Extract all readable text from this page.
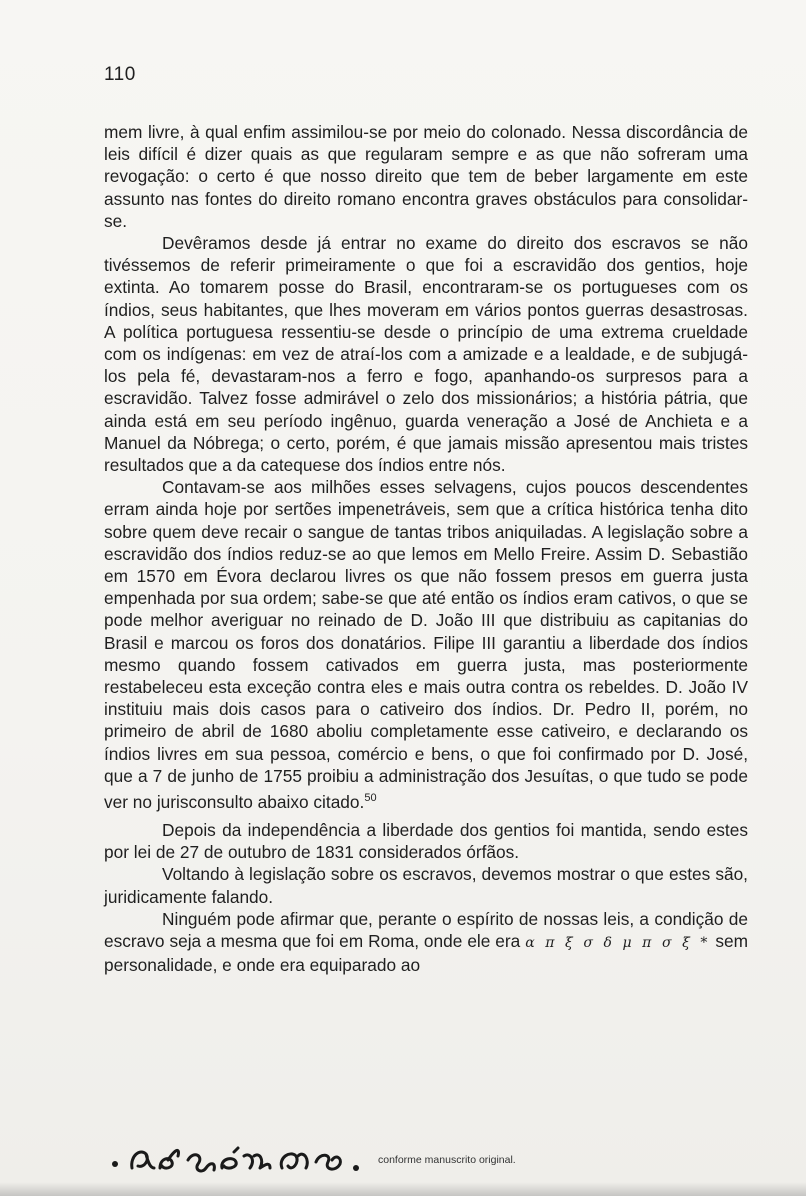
110

mem livre, à qual enfim assimilou-se por meio do colonado. Nessa discordância de leis difícil é dizer quais as que regularam sempre e as que não sofreram uma revogação: o certo é que nosso direito que tem de beber largamente em este assunto nas fontes do direito romano encontra graves obstáculos para consolidar-se.

Devêramos desde já entrar no exame do direito dos escravos se não tivéssemos de referir primeiramente o que foi a escravidão dos gentios, hoje extinta. Ao tomarem posse do Brasil, encontraram-se os portugueses com os índios, seus habitantes, que lhes moveram em vários pontos guerras desastrosas. A política portuguesa ressentiu-se desde o princípio de uma extrema crueldade com os indígenas: em vez de atraí-los com a amizade e a lealdade, e de subjugá-los pela fé, devastaram-nos a ferro e fogo, apanhando-os surpresos para a escravidão. Talvez fosse admirável o zelo dos missionários; a história pátria, que ainda está em seu período ingênuo, guarda veneração a José de Anchieta e a Manuel da Nóbrega; o certo, porém, é que jamais missão apresentou mais tristes resultados que a da catequese dos índios entre nós.

Contavam-se aos milhões esses selvagens, cujos poucos descendentes erram ainda hoje por sertões impenetráveis, sem que a crítica histórica tenha dito sobre quem deve recair o sangue de tantas tribos aniquiladas. A legislação sobre a escravidão dos índios reduz-se ao que lemos em Mello Freire. Assim D. Sebastião em 1570 em Évora declarou livres os que não fossem presos em guerra justa empenhada por sua ordem; sabe-se que até então os índios eram cativos, o que se pode melhor averiguar no reinado de D. João III que distribuiu as capitanias do Brasil e marcou os foros dos donatários. Filipe III garantiu a liberdade dos índios mesmo quando fossem cativados em guerra justa, mas posteriormente restabeleceu esta exceção contra eles e mais outra contra os rebeldes. D. João IV instituiu mais dois casos para o cativeiro dos índios. Dr. Pedro II, porém, no primeiro de abril de 1680 aboliu completamente esse cativeiro, e declarando os índios livres em sua pessoa, comércio e bens, o que foi confirmado por D. José, que a 7 de junho de 1755 proibiu a administração dos Jesuítas, o que tudo se pode ver no jurisconsulto abaixo citado.$^{50}$

Depois da independência a liberdade dos gentios foi mantida, sendo estes por lei de 27 de outubro de 1831 considerados órfãos.

Voltando à legislação sobre os escravos, devemos mostrar o que estes são, juridicamente falando.

Ninguém pode afirmar que, perante o espírito de nossas leis, a condição de escravo seja a mesma que foi em Roma, onde ele era α π ξ σ δ μ π σ ξ * sem personalidade, e onde era equiparado ao

conforme manuscrito original.
